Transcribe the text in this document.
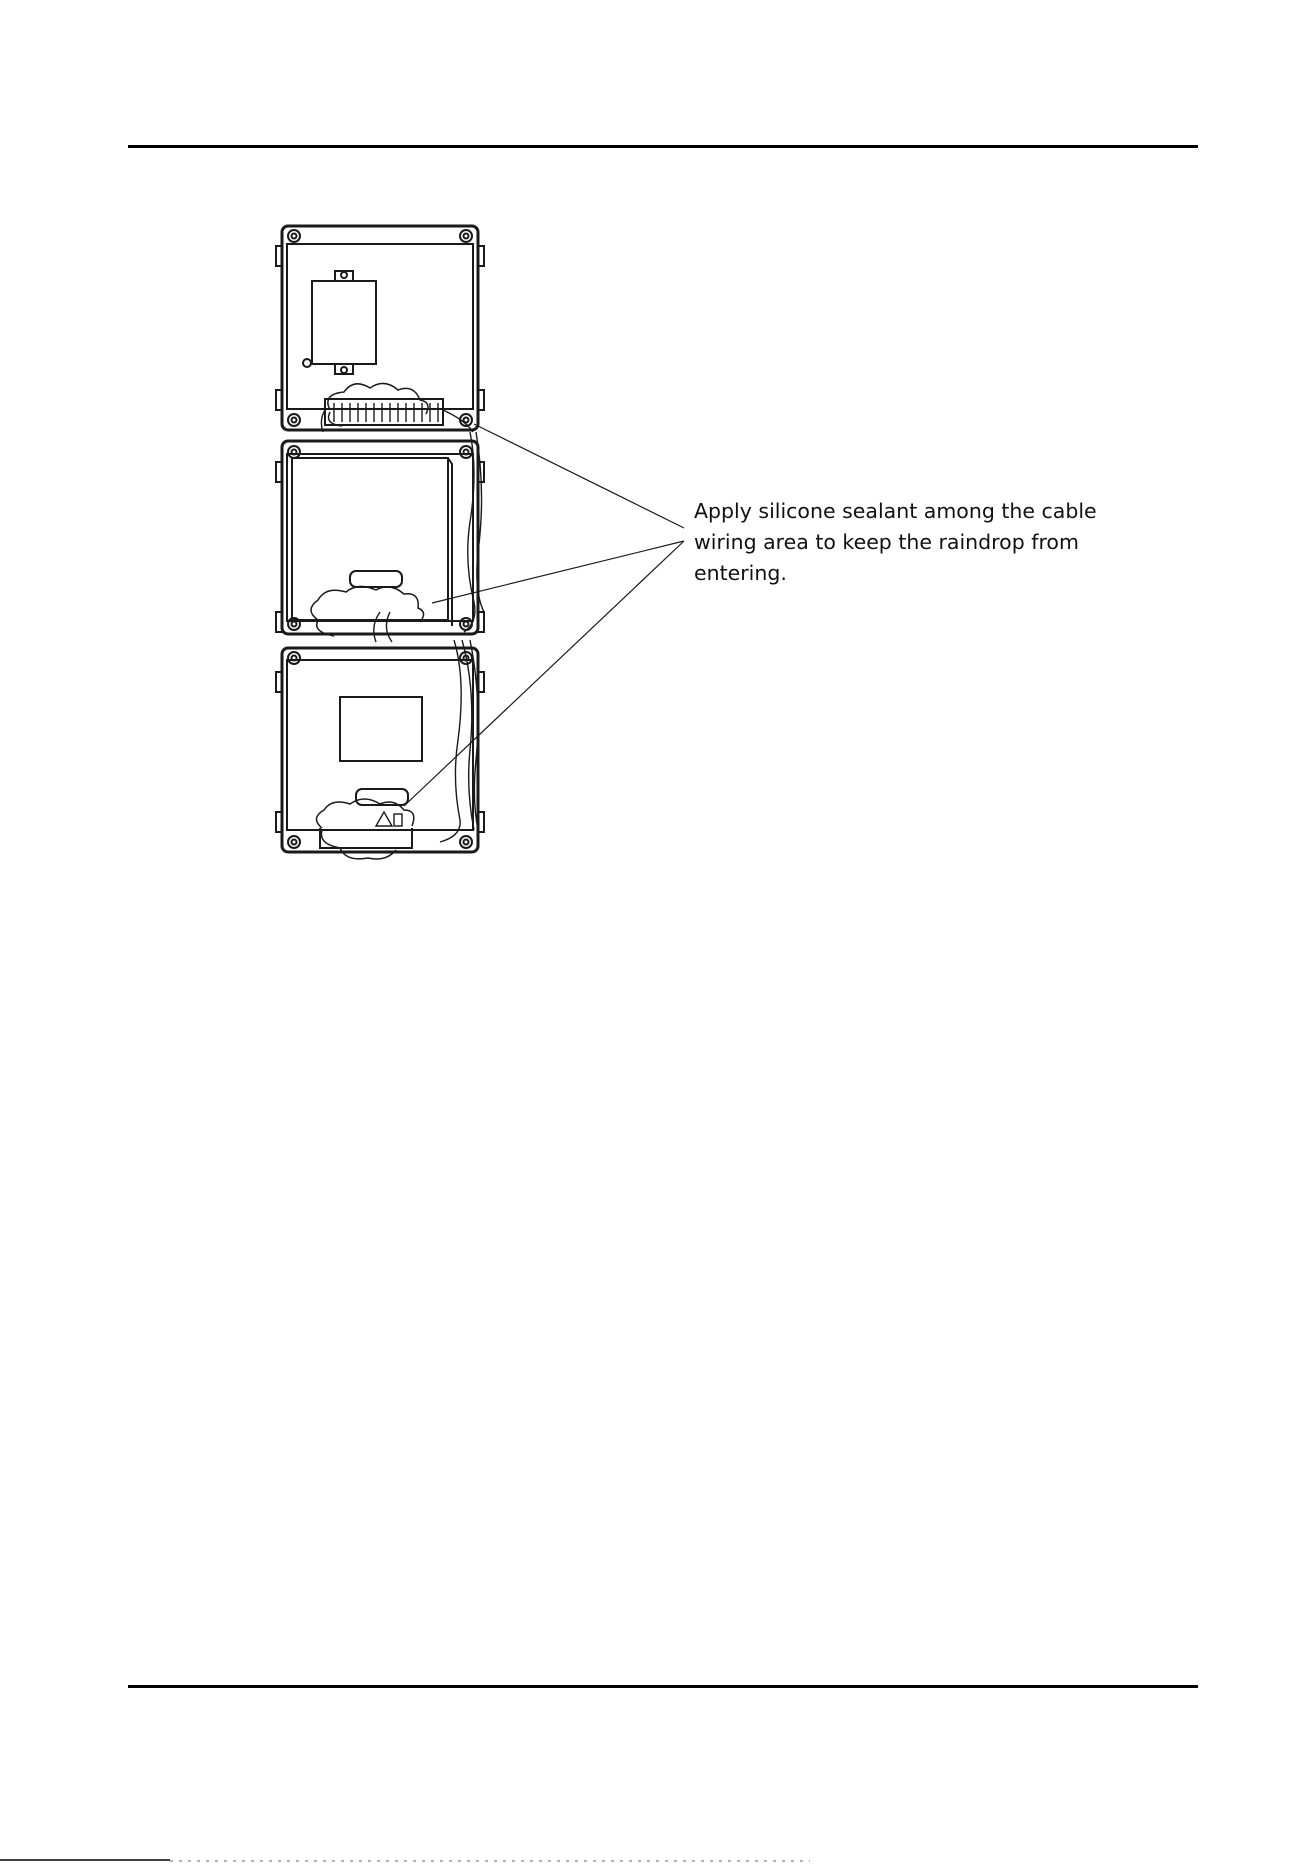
Apply silicone sealant among the cable
wiring area to keep the raindrop from
entering.
